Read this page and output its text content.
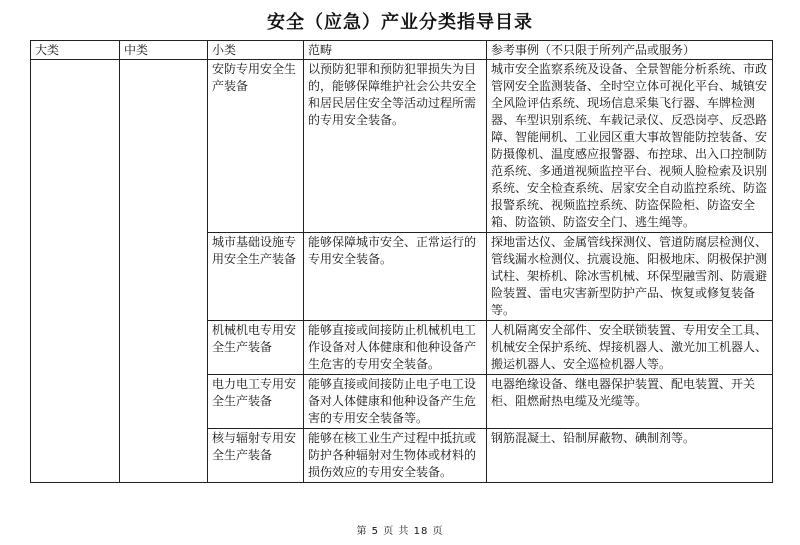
安全（应急）产业分类指导目录
大类	中类	小类	范畴	参考事例（不只限于所列产品或服务）
		安防专用安全生产装备	以预防犯罪和预防犯罪损失为目的，能够保障维护社会公共安全和居民居住安全等活动过程所需的专用安全装备。	城市安全监察系统及设备、全景智能分析系统、市政管网安全监测装备、全时空立体可视化平台、城镇安全风险评估系统、现场信息采集飞行器、车牌检测器、车型识别系统、车载记录仪、反恐岗亭、反恐路障、智能闸机、工业园区重大事故智能防控装备、安防摄像机、温度感应报警器、布控球、出入口控制防范系统、多通道视频监控平台、视频人脸检索及识别系统、安全检查系统、居家安全自动监控系统、防盗报警系统、视频监控系统、防盗保险柜、防盗安全箱、防盗锁、防盗安全门、逃生绳等。
		城市基础设施专用安全生产装备	能够保障城市安全、正常运行的专用安全装备。	探地雷达仪、金属管线探测仪、管道防腐层检测仪、管线漏水检测仪、抗震设施、阳极地床、阴极保护测试柱、架桥机、除冰雪机械、环保型融雪剂、防震避险装置、雷电灾害新型防护产品、恢复或修复装备等。
		机械机电专用安全生产装备	能够直接或间接防止机械机电工作设备对人体健康和他种设备产生危害的专用安全装备。	人机隔离安全部件、安全联锁装置、专用安全工具、机械安全保护系统、焊接机器人、激光加工机器人、搬运机器人、安全巡检机器人等。
		电力电工专用安全生产装备	能够直接或间接防止电子电工设备对人体健康和他种设备产生危害的专用安全装备等。	电器绝缘设备、继电器保护装置、配电装置、开关柜、阻燃耐热电缆及光缆等。
		核与辐射专用安全生产装备	能够在核工业生产过程中抵抗或防护各种辐射对生物体或材料的损伤效应的专用安全装备。	钢筋混凝土、铅制屏蔽物、碘制剂等。
第 5 页 共 18 页
